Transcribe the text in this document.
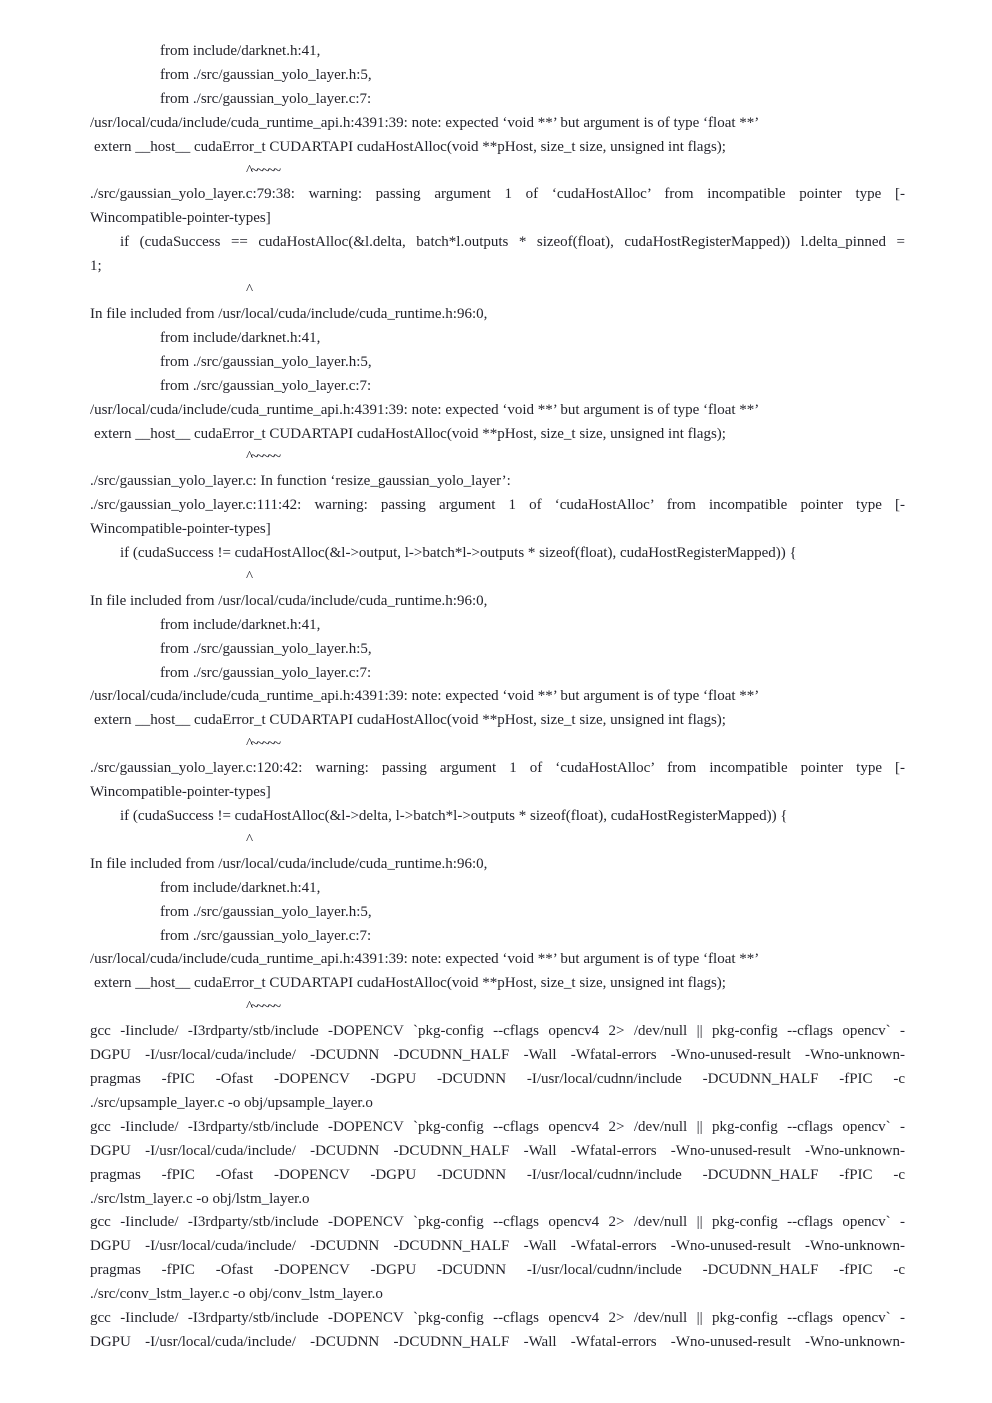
from include/darknet.h:41,
from ./src/gaussian_yolo_layer.h:5,
from ./src/gaussian_yolo_layer.c:7:
/usr/local/cuda/include/cuda_runtime_api.h:4391:39: note: expected ‘void **’ but argument is of type ‘float **’
extern __host__ cudaError_t CUDARTAPI cudaHostAlloc(void **pHost, size_t size, unsigned int flags);
^~~~~~
./src/gaussian_yolo_layer.c:79:38: warning: passing argument 1 of ‘cudaHostAlloc’ from incompatible pointer type [-
Wincompatible-pointer-types]
if (cudaSuccess == cudaHostAlloc(&l.delta, batch*l.outputs * sizeof(float), cudaHostRegisterMapped)) l.delta_pinned =
1;
^
In file included from /usr/local/cuda/include/cuda_runtime.h:96:0,
from include/darknet.h:41,
from ./src/gaussian_yolo_layer.h:5,
from ./src/gaussian_yolo_layer.c:7:
/usr/local/cuda/include/cuda_runtime_api.h:4391:39: note: expected ‘void **’ but argument is of type ‘float **’
extern __host__ cudaError_t CUDARTAPI cudaHostAlloc(void **pHost, size_t size, unsigned int flags);
^~~~~~
./src/gaussian_yolo_layer.c: In function ‘resize_gaussian_yolo_layer’:
./src/gaussian_yolo_layer.c:111:42: warning: passing argument 1 of ‘cudaHostAlloc’ from incompatible pointer type [-
Wincompatible-pointer-types]
if (cudaSuccess != cudaHostAlloc(&l->output, l->batch*l->outputs * sizeof(float), cudaHostRegisterMapped)) {
^
In file included from /usr/local/cuda/include/cuda_runtime.h:96:0,
from include/darknet.h:41,
from ./src/gaussian_yolo_layer.h:5,
from ./src/gaussian_yolo_layer.c:7:
/usr/local/cuda/include/cuda_runtime_api.h:4391:39: note: expected ‘void **’ but argument is of type ‘float **’
extern __host__ cudaError_t CUDARTAPI cudaHostAlloc(void **pHost, size_t size, unsigned int flags);
^~~~~~
./src/gaussian_yolo_layer.c:120:42: warning: passing argument 1 of ‘cudaHostAlloc’ from incompatible pointer type [-
Wincompatible-pointer-types]
if (cudaSuccess != cudaHostAlloc(&l->delta, l->batch*l->outputs * sizeof(float), cudaHostRegisterMapped)) {
^
In file included from /usr/local/cuda/include/cuda_runtime.h:96:0,
from include/darknet.h:41,
from ./src/gaussian_yolo_layer.h:5,
from ./src/gaussian_yolo_layer.c:7:
/usr/local/cuda/include/cuda_runtime_api.h:4391:39: note: expected ‘void **’ but argument is of type ‘float **’
extern __host__ cudaError_t CUDARTAPI cudaHostAlloc(void **pHost, size_t size, unsigned int flags);
^~~~~~
gcc -Iinclude/ -I3rdparty/stb/include -DOPENCV `pkg-config --cflags opencv4 2> /dev/null || pkg-config --cflags opencv` -
DGPU -I/usr/local/cuda/include/ -DCUDNN -DCUDNN_HALF -Wall -Wfatal-errors -Wno-unused-result -Wno-unknown-
pragmas -fPIC -Ofast -DOPENCV -DGPU -DCUDNN -I/usr/local/cudnn/include -DCUDNN_HALF -fPIC -c
./src/upsample_layer.c -o obj/upsample_layer.o
gcc -Iinclude/ -I3rdparty/stb/include -DOPENCV `pkg-config --cflags opencv4 2> /dev/null || pkg-config --cflags opencv` -
DGPU -I/usr/local/cuda/include/ -DCUDNN -DCUDNN_HALF -Wall -Wfatal-errors -Wno-unused-result -Wno-unknown-
pragmas -fPIC -Ofast -DOPENCV -DGPU -DCUDNN -I/usr/local/cudnn/include -DCUDNN_HALF -fPIC -c
./src/lstm_layer.c -o obj/lstm_layer.o
gcc -Iinclude/ -I3rdparty/stb/include -DOPENCV `pkg-config --cflags opencv4 2> /dev/null || pkg-config --cflags opencv` -
DGPU -I/usr/local/cuda/include/ -DCUDNN -DCUDNN_HALF -Wall -Wfatal-errors -Wno-unused-result -Wno-unknown-
pragmas -fPIC -Ofast -DOPENCV -DGPU -DCUDNN -I/usr/local/cudnn/include -DCUDNN_HALF -fPIC -c
./src/conv_lstm_layer.c -o obj/conv_lstm_layer.o
gcc -Iinclude/ -I3rdparty/stb/include -DOPENCV `pkg-config --cflags opencv4 2> /dev/null || pkg-config --cflags opencv` -
DGPU -I/usr/local/cuda/include/ -DCUDNN -DCUDNN_HALF -Wall -Wfatal-errors -Wno-unused-result -Wno-unknown-
